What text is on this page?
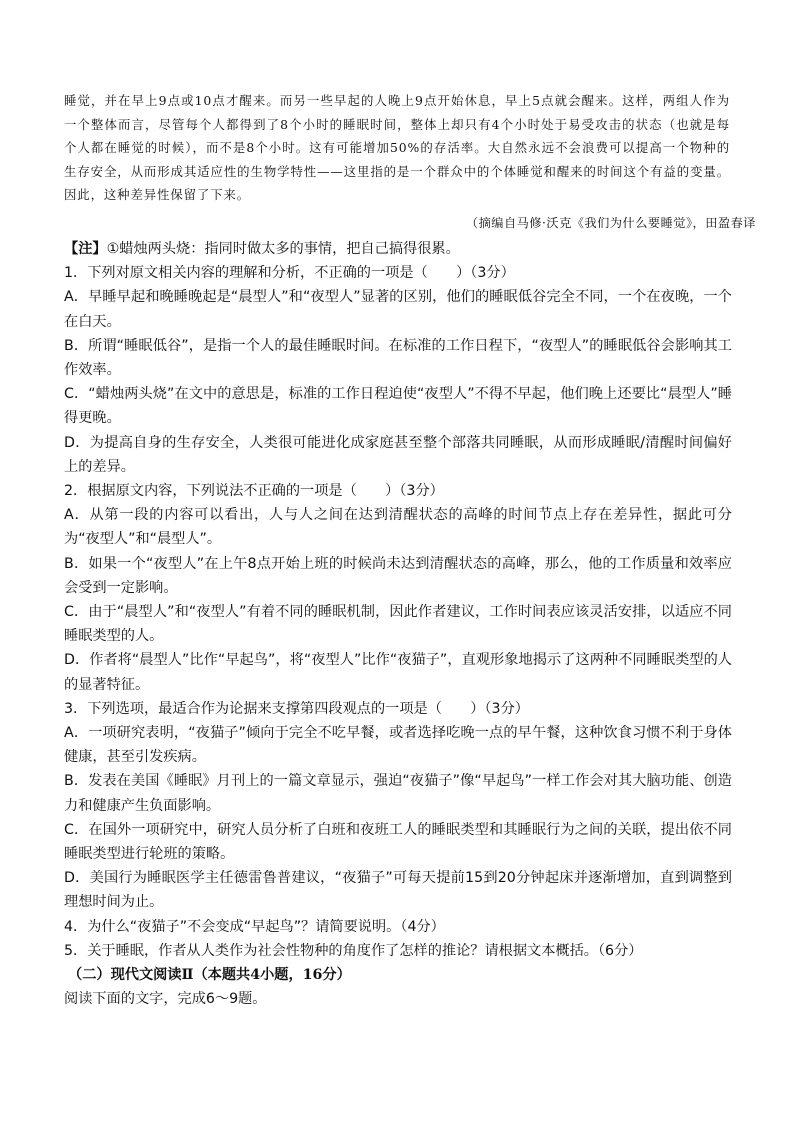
睡觉，并在早上9点或10点才醒来。而另一些早起的人晚上9点开始休息，早上5点就会醒来。这样，两组人作为一个整体而言，尽管每个人都得到了8个小时的睡眠时间，整体上却只有4个小时处于易受攻击的状态（也就是每个人都在睡觉的时候），而不是8个小时。这有可能增加50%的存活率。大自然永远不会浪费可以提高一个物种的生存安全，从而形成其适应性的生物学特性——这里指的是一个群众中的个体睡觉和醒来的时间这个有益的变量。因此，这种差异性保留了下来。
（摘编自马修·沃克《我们为什么要睡觉》，田盈春译

【注】①蜡烛两头烧：指同时做太多的事情，把自己搞得很累。

1．下列对原文相关内容的理解和分析，不正确的一项是（　　）（3分）

A．早睡早起和晚睡晚起是“晨型人”和“夜型人”显著的区别，他们的睡眠低谷完全不同，一个在夜晚，一个在白天。

B．所谓“睡眠低谷”，是指一个人的最佳睡眠时间。在标准的工作日程下，“夜型人”的睡眠低谷会影响其工作效率。

C．“蜡烛两头烧”在文中的意思是，标准的工作日程迫使“夜型人”不得不早起，他们晚上还要比“晨型人”睡得更晚。

D．为提高自身的生存安全，人类很可能进化成家庭甚至整个部落共同睡眠，从而形成睡眠/清醒时间偏好上的差异。

2．根据原文内容，下列说法不正确的一项是（　　）（3分）

A．从第一段的内容可以看出，人与人之间在达到清醒状态的高峰的时间节点上存在差异性，据此可分为“夜型人”和“晨型人”。

B．如果一个“夜型人”在上午8点开始上班的时候尚未达到清醒状态的高峰，那么，他的工作质量和效率应会受到一定影响。

C．由于“晨型人”和“夜型人”有着不同的睡眠机制，因此作者建议，工作时间表应该灵活安排，以适应不同睡眠类型的人。

D．作者将“晨型人”比作“早起鸟”，将“夜型人”比作“夜猫子”，直观形象地揭示了这两种不同睡眠类型的人的显著特征。

3．下列选项，最适合作为论据来支撑第四段观点的一项是（　　）（3分）

A．一项研究表明，“夜猫子”倾向于完全不吃早餐，或者选择吃晚一点的早午餐，这种饮食习惯不利于身体健康，甚至引发疾病。

B．发表在美国《睡眠》月刊上的一篇文章显示，强迫“夜猫子”像“早起鸟”一样工作会对其大脑功能、创造力和健康产生负面影响。

C．在国外一项研究中，研究人员分析了白班和夜班工人的睡眠类型和其睡眠行为之间的关联，提出依不同睡眠类型进行轮班的策略。

D．美国行为睡眠医学主任德雷鲁普建议，“夜猫子”可每天提前15到20分钟起床并逐渐增加，直到调整到理想时间为止。

4．为什么“夜猫子”不会变成“早起鸟”？请简要说明。（4分）

5．关于睡眠，作者从人类作为社会性物种的角度作了怎样的推论？请根据文本概括。（6分）

（二）现代文阅读Ⅱ（本题共4小题，16分）

阅读下面的文字，完成6～9题。
